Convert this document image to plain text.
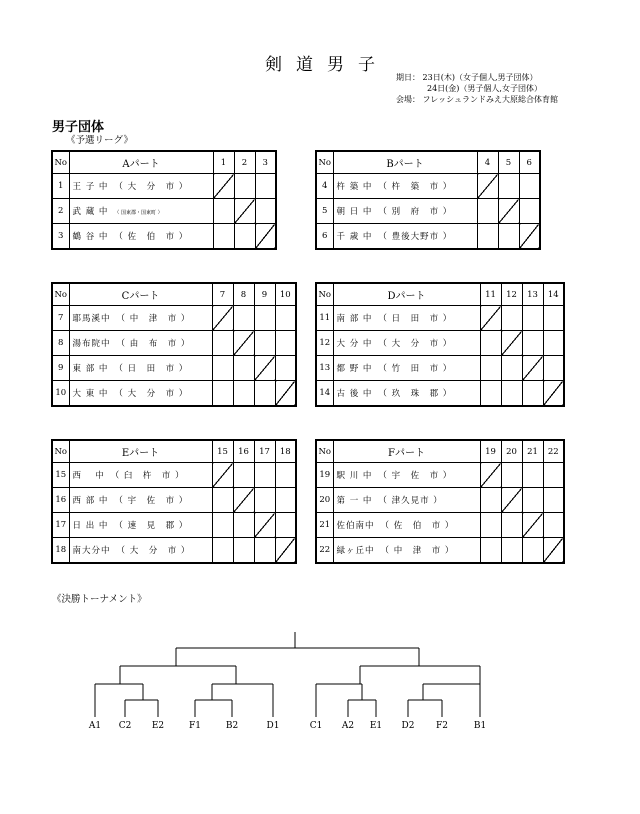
剣道男子
期日： 23日(木)（女子個人,男子団体）
24日(金)（男子個人,女子団体）
会場： フレッシュランドみえ大原総合体育館
男子団体
《予選リーグ》
No	Aパート	1	2	3
1	王 子 中 （ 大　分　市 ）			
2	武 蔵 中 （ 国東郡・国東町 ）			
3	鶴 谷 中 （ 佐　伯　市 ）			
No	Bパート	4	5	6
4	杵 築 中 （ 杵　築　市 ）			
5	朝 日 中 （ 別　府　市 ）			
6	千 歳 中 （ 豊後大野市 ）			
No	Cパート	7	8	9	10
7	耶馬溪中 （ 中　津　市 ）				
8	湯布院中 （ 由　布　市 ）				
9	東 部 中 （ 日　田　市 ）				
10	大 東 中 （ 大　分　市 ）				
No	Dパート	11	12	13	14
11	南 部 中 （ 日　田　市 ）				
12	大 分 中 （ 大　分　市 ）				
13	都 野 中 （ 竹　田　市 ）				
14	古 後 中 （ 玖　珠　郡 ）				
No	Eパート	15	16	17	18
15	西　 中 （ 臼　杵　市 ）				
16	西 部 中 （ 宇　佐　市 ）				
17	日 出 中 （ 速　見　郡 ）				
18	南大分中 （ 大　分　市 ）				
No	Fパート	19	20	21	22
19	駅 川 中 （ 宇　佐　市 ）				
20	第 一 中 （ 津久見市 ）				
21	佐伯南中 （ 佐　伯　市 ）				
22	緑ヶ丘中 （ 中　津　市 ）				
《決勝トーナメント》
A1	C2	E2	F1	B2	D1	C1	A2	E1	D2	F2	B1
